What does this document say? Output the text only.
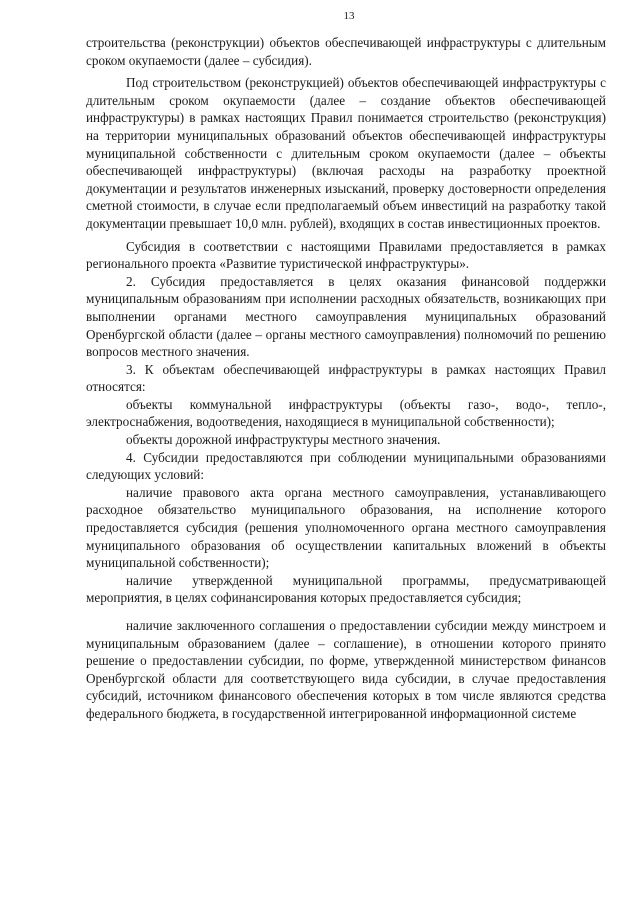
13

строительства (реконструкции) объектов обеспечивающей инфраструктуры с длительным сроком окупаемости (далее – субсидия).

Под строительством (реконструкцией) объектов обеспечивающей инфраструктуры с длительным сроком окупаемости (далее – создание объектов обеспечивающей инфраструктуры) в рамках настоящих Правил понимается строительство (реконструкция) на территории муниципальных образований объектов обеспечивающей инфраструктуры муниципальной собственности с длительным сроком окупаемости (далее – объекты обеспечивающей инфраструктуры) (включая расходы на разработку проектной документации и результатов инженерных изысканий, проверку достоверности определения сметной стоимости, в случае если предполагаемый объем инвестиций на разработку такой документации превышает 10,0 млн. рублей), входящих в состав инвестиционных проектов.

Субсидия в соответствии с настоящими Правилами предоставляется в рамках регионального проекта «Развитие туристической инфраструктуры».

2. Субсидия предоставляется в целях оказания финансовой поддержки муниципальным образованиям при исполнении расходных обязательств, возникающих при выполнении органами местного самоуправления муниципальных образований Оренбургской области (далее – органы местного самоуправления) полномочий по решению вопросов местного значения.

3. К объектам обеспечивающей инфраструктуры в рамках настоящих Правил относятся:

объекты коммунальной инфраструктуры (объекты газо-, водо-, тепло-, электроснабжения, водоотведения, находящиеся в муниципальной собственности);

объекты дорожной инфраструктуры местного значения.

4. Субсидии предоставляются при соблюдении муниципальными образованиями следующих условий:

наличие правового акта органа местного самоуправления, устанавливающего расходное обязательство муниципального образования, на исполнение которого предоставляется субсидия (решения уполномоченного органа местного самоуправления муниципального образования об осуществлении капитальных вложений в объекты муниципальной собственности);

наличие утвержденной муниципальной программы, предусматривающей мероприятия, в целях софинансирования которых предоставляется субсидия;

наличие заключенного соглашения о предоставлении субсидии между минстроем и муниципальным образованием (далее – соглашение), в отношении которого принято решение о предоставлении субсидии, по форме, утвержденной министерством финансов Оренбургской области для соответствующего вида субсидии, в случае предоставления субсидий, источником финансового обеспечения которых в том числе являются средства федерального бюджета, в государственной интегрированной информационной системе
